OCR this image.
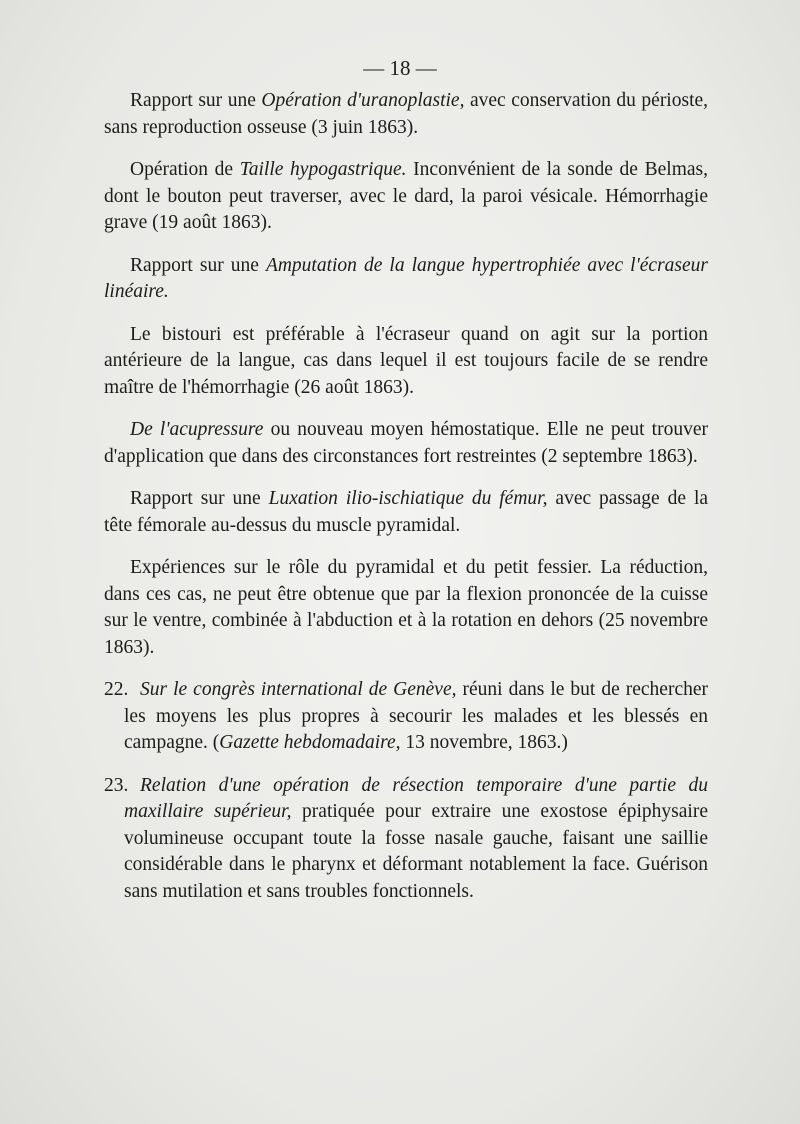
— 18 —

Rapport sur une Opération d'uranoplastie, avec conservation du périoste, sans reproduction osseuse (3 juin 1863).

Opération de Taille hypogastrique. Inconvénient de la sonde de Belmas, dont le bouton peut traverser, avec le dard, la paroi vésicale. Hémorrhagie grave (19 août 1863).

Rapport sur une Amputation de la langue hypertrophiée avec l'écraseur linéaire.

Le bistouri est préférable à l'écraseur quand on agit sur la portion antérieure de la langue, cas dans lequel il est toujours facile de se rendre maître de l'hémorrhagie (26 août 1863).

De l'acupressure ou nouveau moyen hémostatique. Elle ne peut trouver d'application que dans des circonstances fort restreintes (2 septembre 1863).

Rapport sur une Luxation ilio-ischiatique du fémur, avec passage de la tête fémorale au-dessus du muscle pyramidal.

Expériences sur le rôle du pyramidal et du petit fessier. La réduction, dans ces cas, ne peut être obtenue que par la flexion prononcée de la cuisse sur le ventre, combinée à l'abduction et à la rotation en dehors (25 novembre 1863).

22. Sur le congrès international de Genève, réuni dans le but de rechercher les moyens les plus propres à secourir les malades et les blessés en campagne. (Gazette hebdomadaire, 13 novembre, 1863.)

23. Relation d'une opération de résection temporaire d'une partie du maxillaire supérieur, pratiquée pour extraire une exostose épiphysaire volumineuse occupant toute la fosse nasale gauche, faisant une saillie considérable dans le pharynx et déformant notablement la face. Guérison sans mutilation et sans troubles fonctionnels.
